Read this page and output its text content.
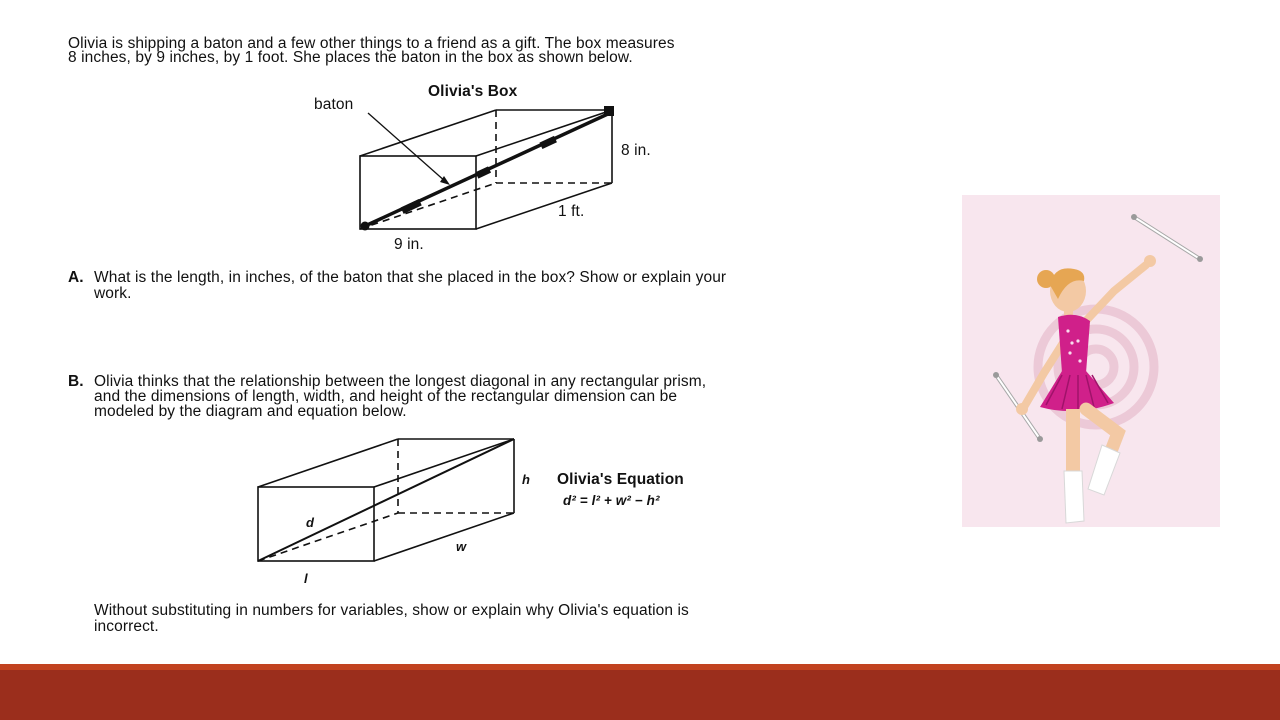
Olivia is shipping a baton and a few other things to a friend as a gift. The box measures
8 inches, by 9 inches, by 1 foot. She places the baton in the box as shown below.
Olivia's Box
baton
8 in.
1 ft.
9 in.
A. What is the length, in inches, of the baton that she placed in the box? Show or explain your
work.
B. Olivia thinks that the relationship between the longest diagonal in any rectangular prism,
and the dimensions of length, width, and height of the rectangular dimension can be
modeled by the diagram and equation below.
d
h
w
l
Olivia's Equation
d² = l² + w² − h²
Without substituting in numbers for variables, show or explain why Olivia's equation is
incorrect.
